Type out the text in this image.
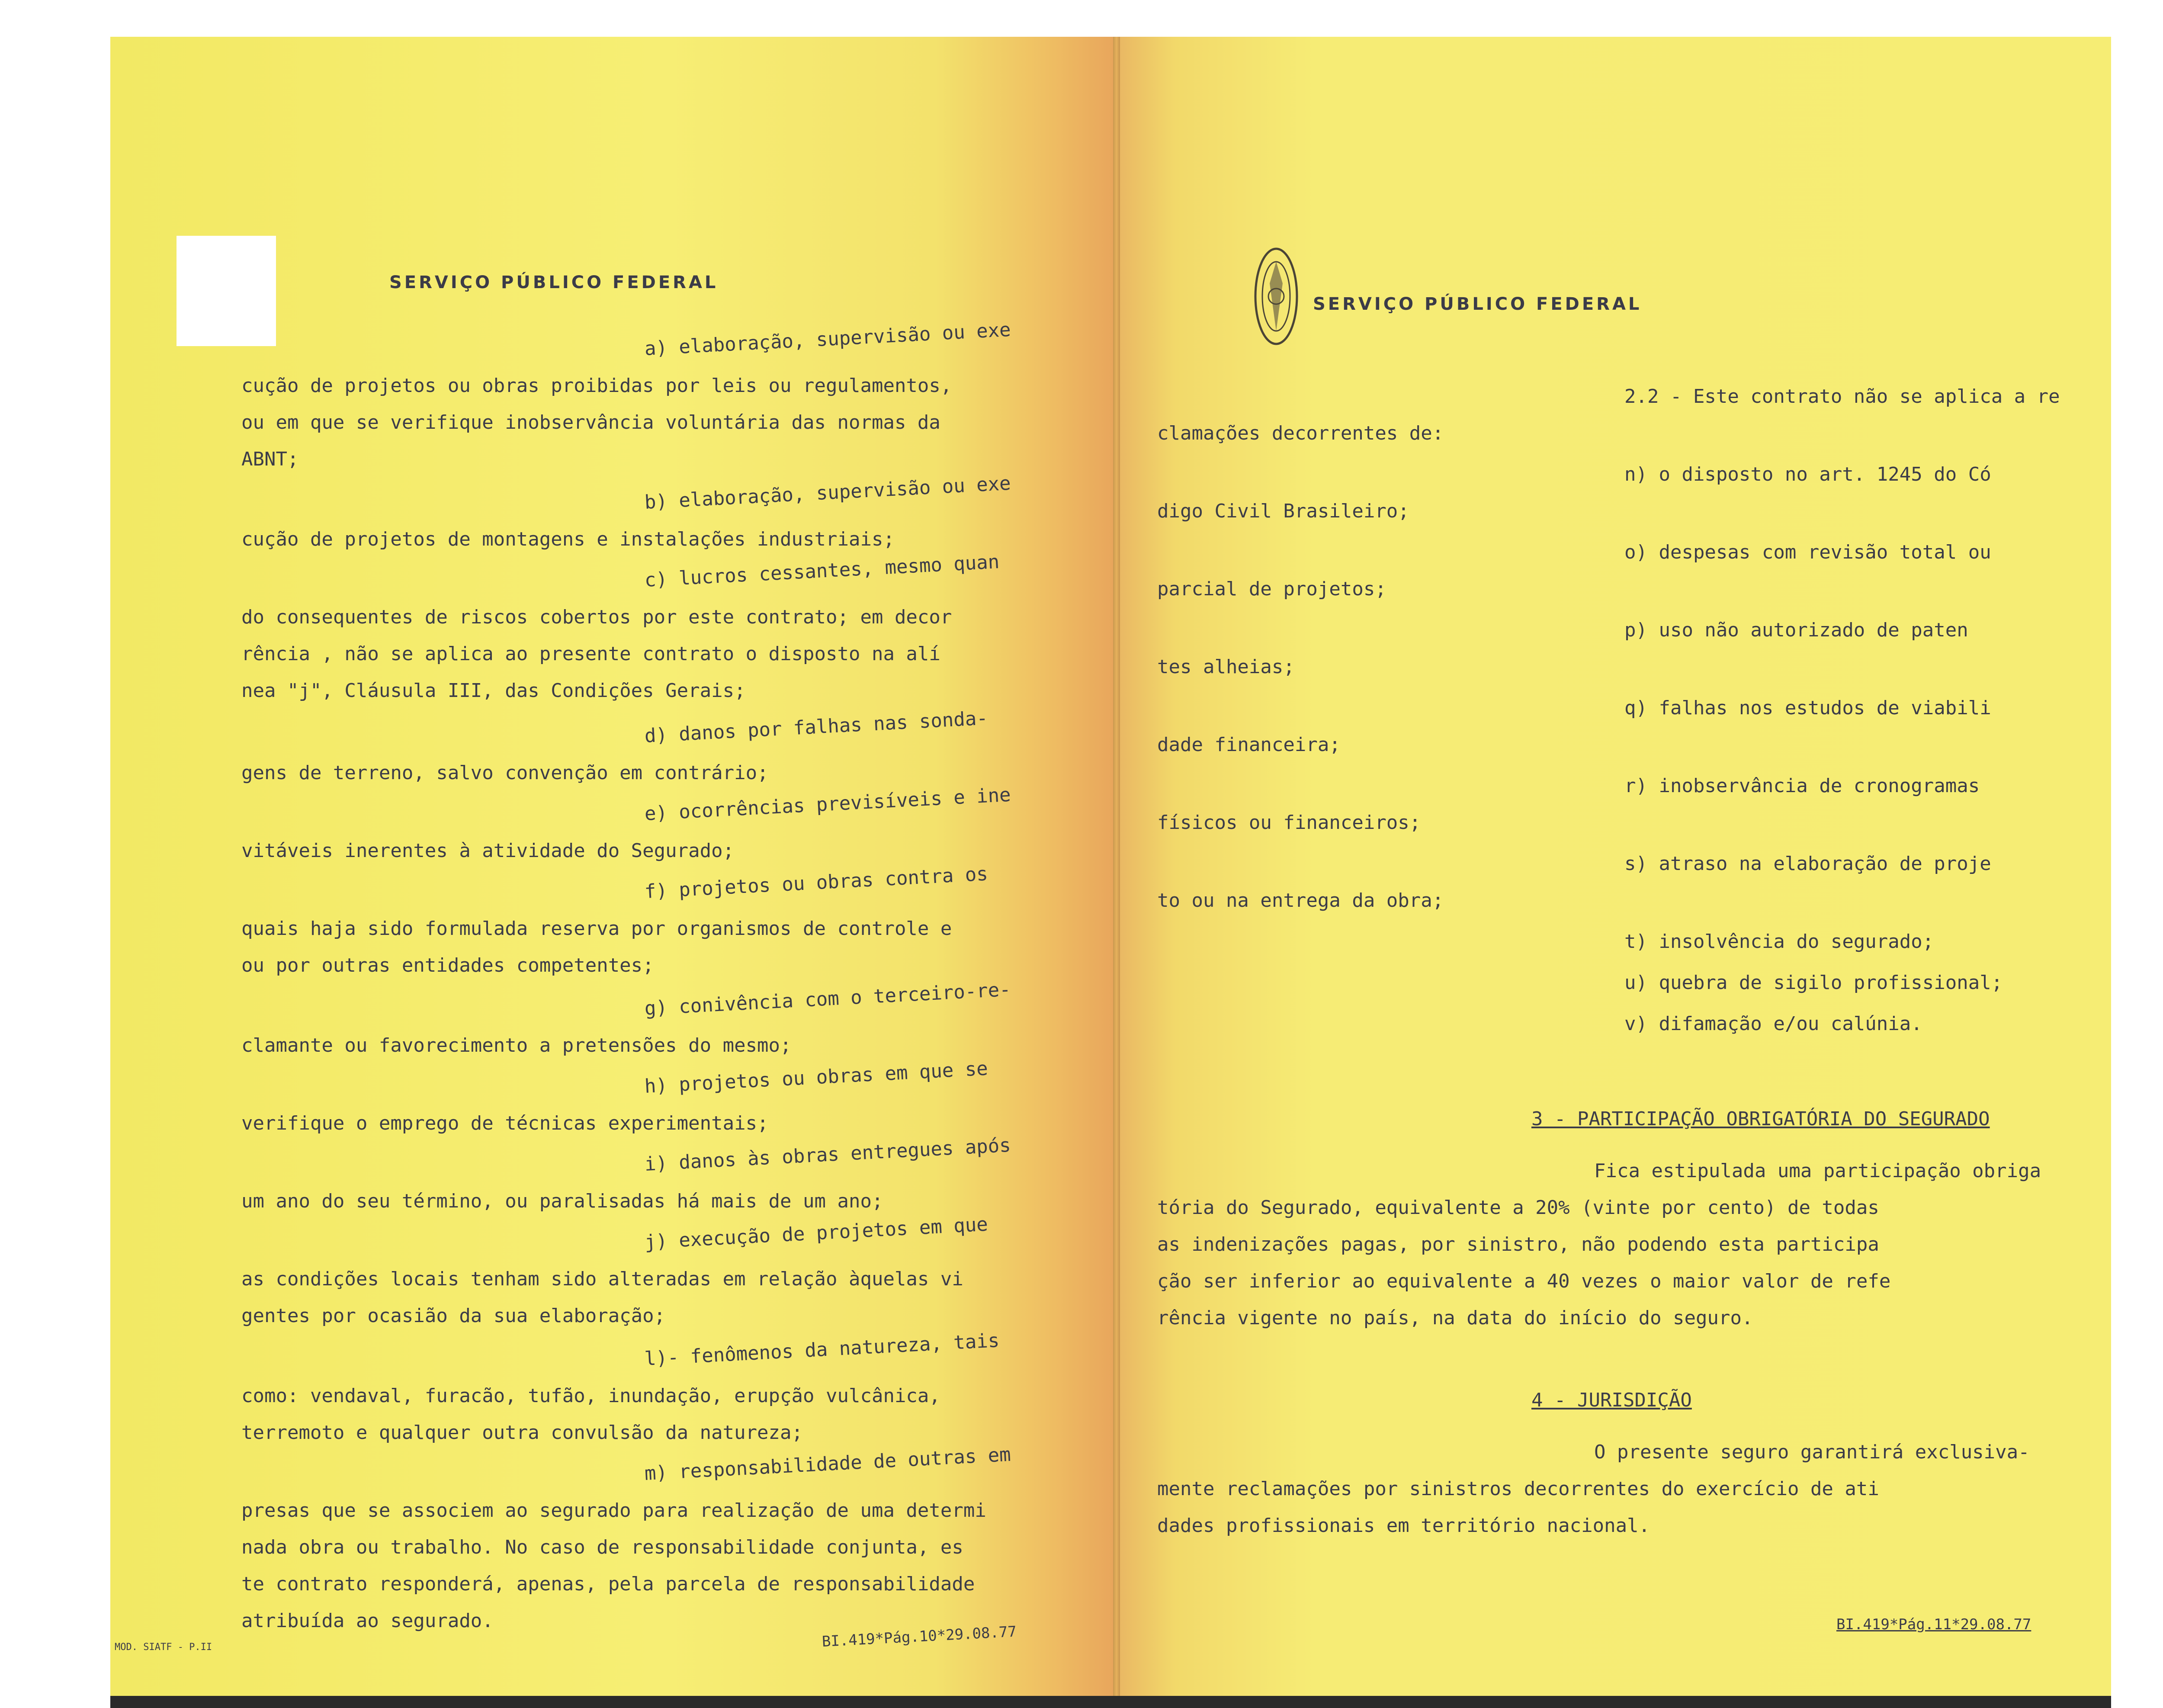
SERVIÇO PÚBLICO FEDERAL
a) elaboração, supervisão ou exe
cução de projetos ou obras proibidas por leis ou regulamentos,
ou em que se verifique inobservância voluntária das normas da
ABNT;
b) elaboração, supervisão ou exe
cução de projetos de montagens e instalações industriais;
c) lucros cessantes, mesmo quan
do consequentes de riscos cobertos por este contrato; em decor
rência , não se aplica ao presente contrato o disposto na alí
nea "j", Cláusula III, das Condições Gerais;
d) danos por falhas nas sonda-
gens de terreno, salvo convenção em contrário;
e) ocorrências previsíveis e ine
vitáveis inerentes à atividade do Segurado;
f) projetos ou obras contra os
quais haja sido formulada reserva por organismos de controle e
ou por outras entidades competentes;
g) conivência com o terceiro-re-
clamante ou favorecimento a pretensões do mesmo;
h) projetos ou obras em que se
verifique o emprego de técnicas experimentais;
i) danos às obras entregues após
um ano do seu término, ou paralisadas há mais de um ano;
j) execução de projetos em que
as condições locais tenham sido alteradas em relação àquelas vi
gentes por ocasião da sua elaboração;
l)- fenômenos da natureza, tais
como: vendaval, furacão, tufão, inundação, erupção vulcânica,
terremoto e qualquer outra convulsão da natureza;
m) responsabilidade de outras em
presas que se associem ao segurado para realização de uma determi
nada obra ou trabalho. No caso de responsabilidade conjunta, es
te contrato responderá, apenas, pela parcela de responsabilidade
atribuída ao segurado.
MOD. SIATF - P.II	BI.419*Pág.10*29.08.77
SERVIÇO PÚBLICO FEDERAL
2.2 - Este contrato não se aplica a re
clamações decorrentes de:
n) o disposto no art. 1245 do Có
digo Civil Brasileiro;
o) despesas com revisão total ou
parcial de projetos;
p) uso não autorizado de paten
tes alheias;
q) falhas nos estudos de viabili
dade financeira;
r) inobservância de cronogramas
físicos ou financeiros;
s) atraso na elaboração de proje
to ou na entrega da obra;
t) insolvência do segurado;
u) quebra de sigilo profissional;
v) difamação e/ou calúnia.
3 - PARTICIPAÇÃO OBRIGATÓRIA DO SEGURADO
Fica estipulada uma participação obriga
tória do Segurado, equivalente a 20% (vinte por cento) de todas
as indenizações pagas, por sinistro, não podendo esta participa
ção ser inferior ao equivalente a 40 vezes o maior valor de refe
rência vigente no país, na data do início do seguro.
4 - JURISDIÇÃO
O presente seguro garantirá exclusiva-
mente reclamações por sinistros decorrentes do exercício de ati
dades profissionais em território nacional.
BI.419*Pág.11*29.08.77
